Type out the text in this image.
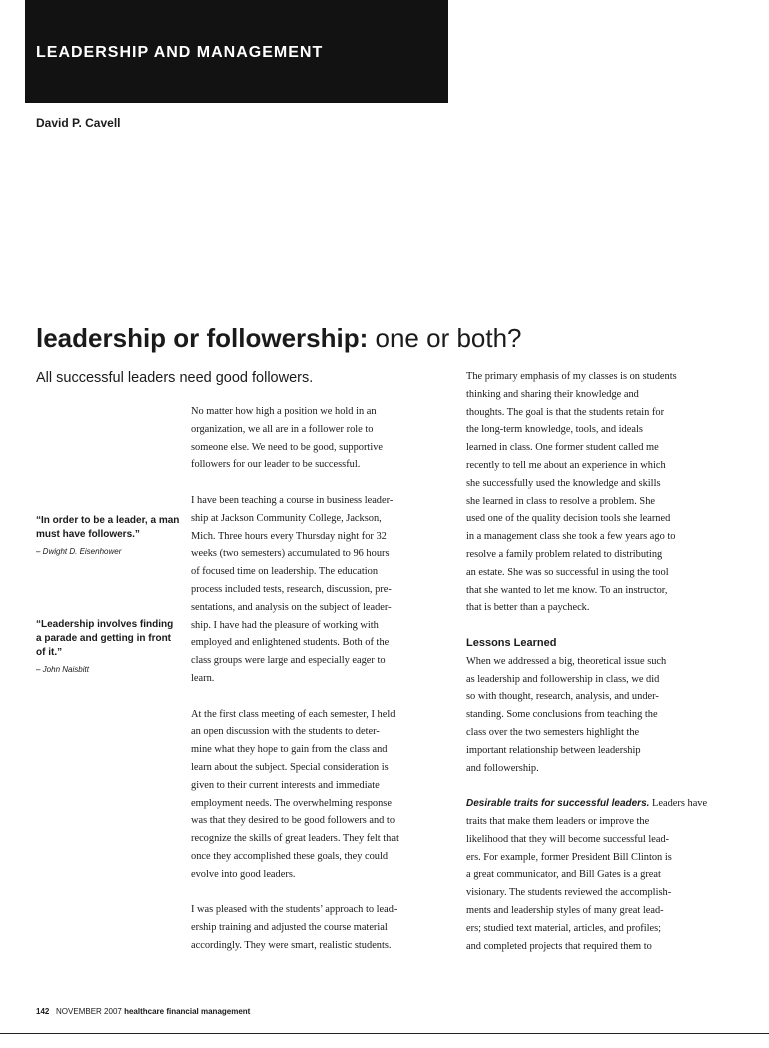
LEADERSHIP AND MANAGEMENT
David P. Cavell
leadership or followership: one or both?
All successful leaders need good followers.

“In order to be a leader, a man must have followers.”

– Dwight D. Eisenhower

“Leadership involves finding a parade and getting in front of it.”

– John Naisbitt

No matter how high a position we hold in an
organization, we all are in a follower role to
someone else. We need to be good, supportive
followers for our leader to be successful.

I have been teaching a course in business leader-
ship at Jackson Community College, Jackson,
Mich. Three hours every Thursday night for 32
weeks (two semesters) accumulated to 96 hours
of focused time on leadership. The education
process included tests, research, discussion, pre-
sentations, and analysis on the subject of leader-
ship. I have had the pleasure of working with
employed and enlightened students. Both of the
class groups were large and especially eager to
learn.

At the first class meeting of each semester, I held
an open discussion with the students to deter-
mine what they hope to gain from the class and
learn about the subject. Special consideration is
given to their current interests and immediate
employment needs. The overwhelming response
was that they desired to be good followers and to
recognize the skills of great leaders. They felt that
once they accomplished these goals, they could
evolve into good leaders.

I was pleased with the students’ approach to lead-
ership training and adjusted the course material
accordingly. They were smart, realistic students.

The primary emphasis of my classes is on students
thinking and sharing their knowledge and
thoughts. The goal is that the students retain for
the long-term knowledge, tools, and ideals
learned in class. One former student called me
recently to tell me about an experience in which
she successfully used the knowledge and skills
she learned in class to resolve a problem. She
used one of the quality decision tools she learned
in a management class she took a few years ago to
resolve a family problem related to distributing
an estate. She was so successful in using the tool
that she wanted to let me know. To an instructor,
that is better than a paycheck.

Lessons Learned

When we addressed a big, theoretical issue such
as leadership and followership in class, we did
so with thought, research, analysis, and under-
standing. Some conclusions from teaching the
class over the two semesters highlight the
important relationship between leadership
and followership.

Desirable traits for successful leaders. Leaders have
traits that make them leaders or improve the
likelihood that they will become successful lead-
ers. For example, former President Bill Clinton is
a great communicator, and Bill Gates is a great
visionary. The students reviewed the accomplish-
ments and leadership styles of many great lead-
ers; studied text material, articles, and profiles;
and completed projects that required them to

142 NOVEMBER 2007 healthcare financial management
